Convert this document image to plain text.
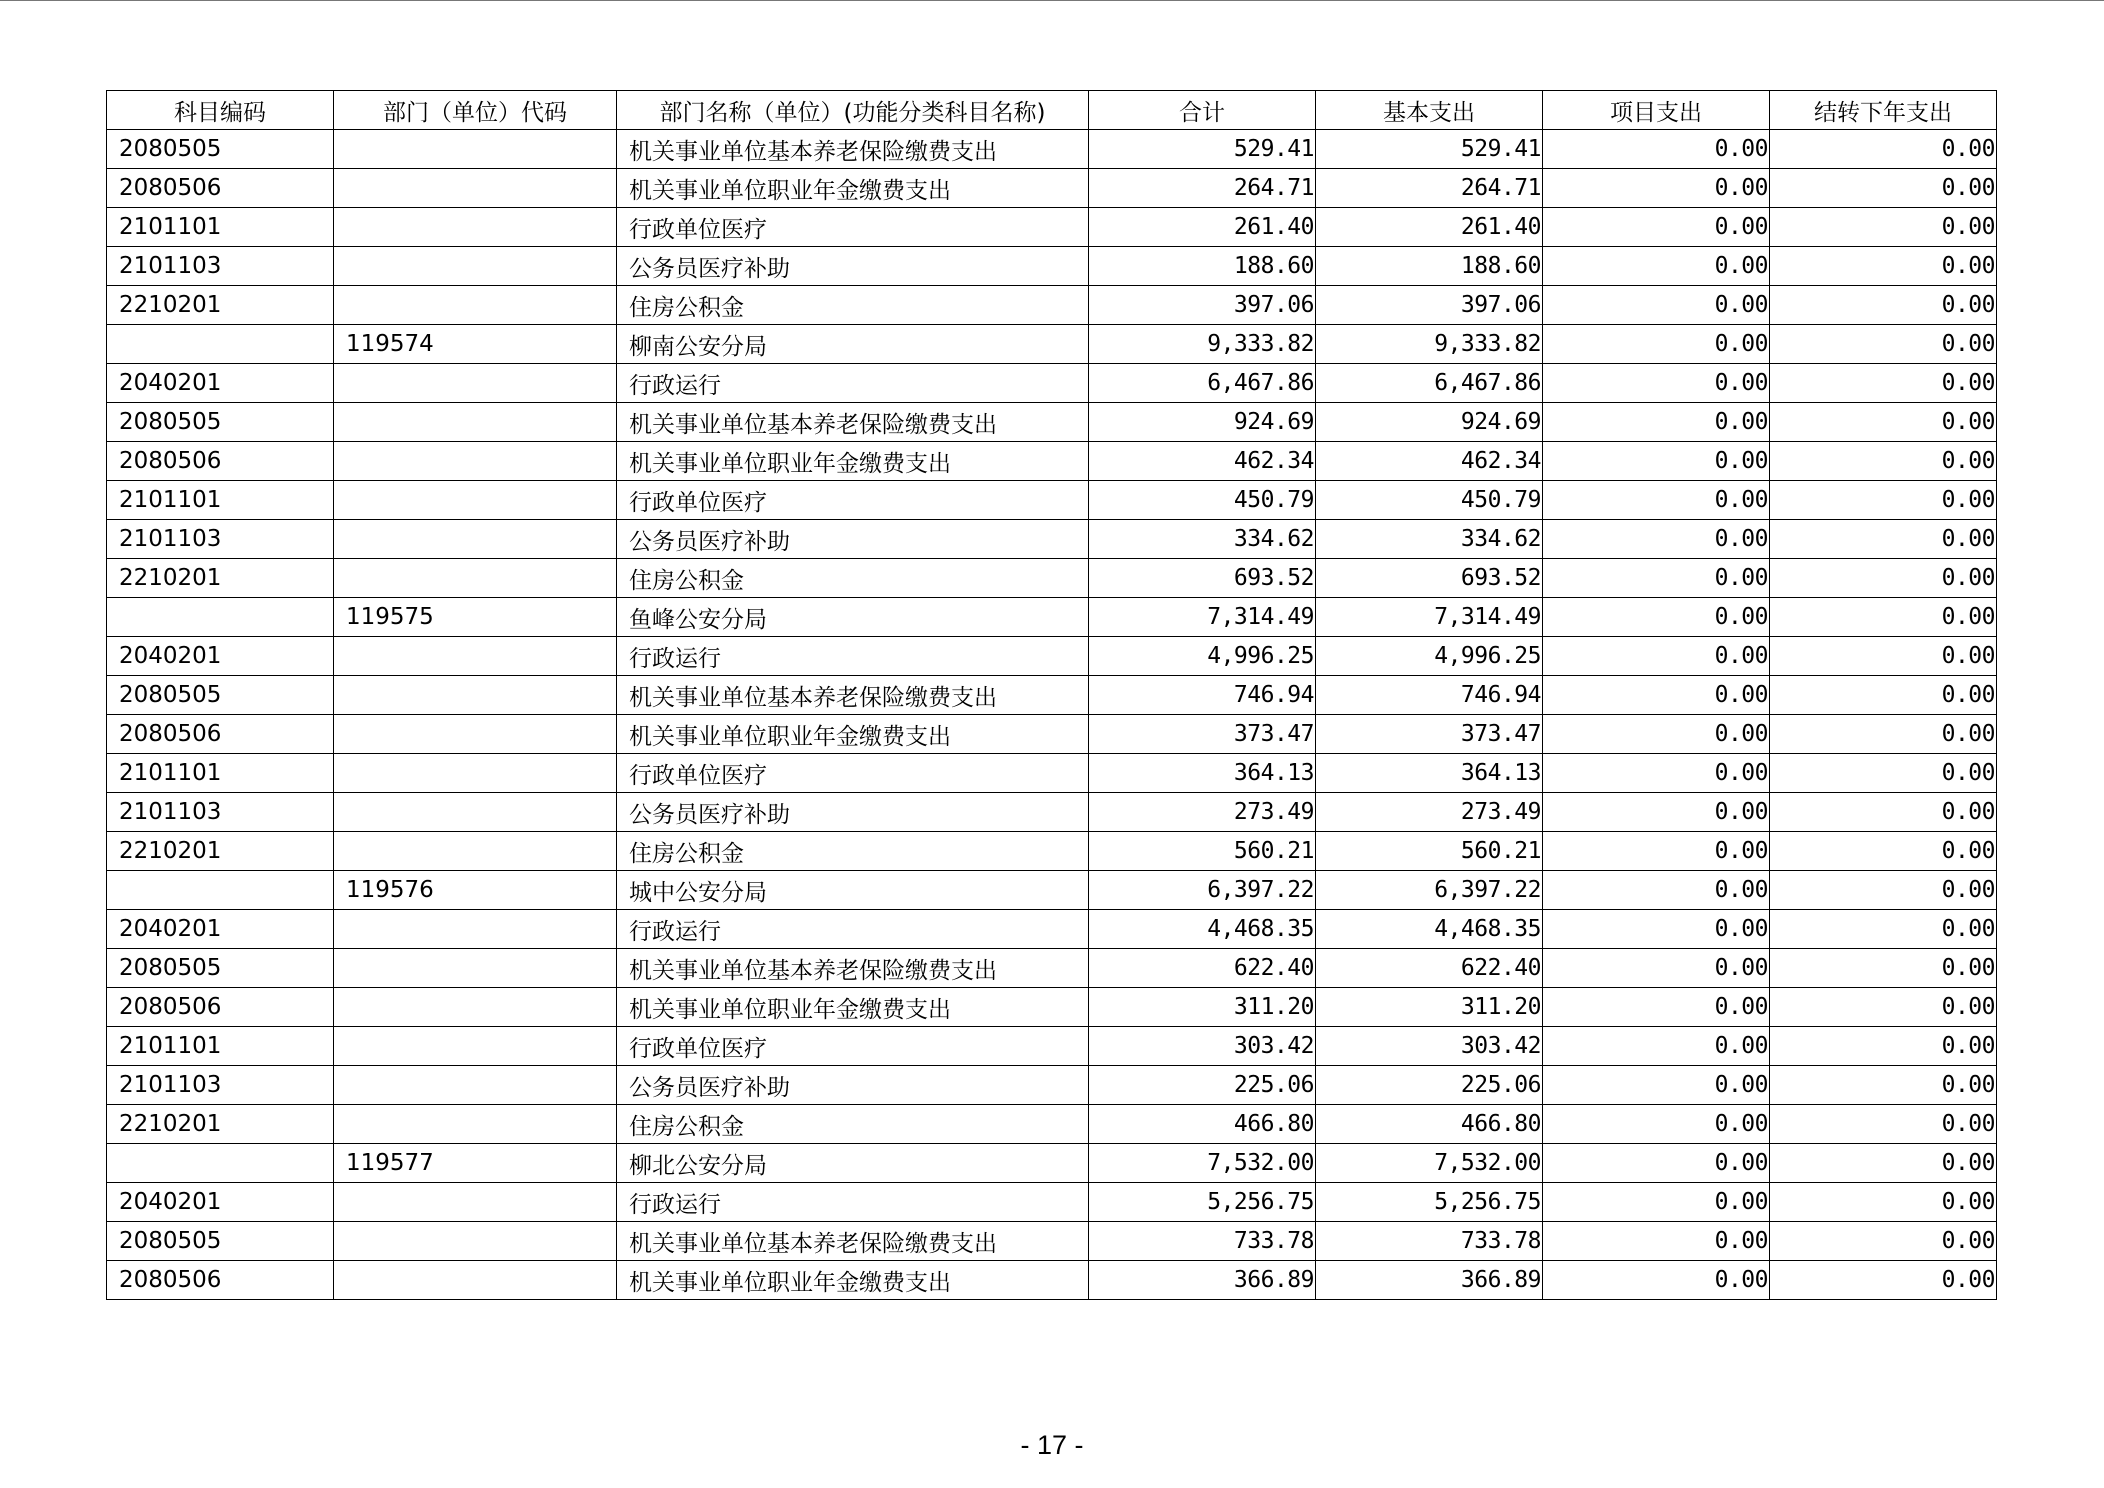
科目编码	部门（单位）代码	部门名称（单位）(功能分类科目名称)	合计	基本支出	项目支出	结转下年支出
2080505		机关事业单位基本养老保险缴费支出	529.41	529.41	0.00	0.00
2080506		机关事业单位职业年金缴费支出	264.71	264.71	0.00	0.00
2101101		行政单位医疗	261.40	261.40	0.00	0.00
2101103		公务员医疗补助	188.60	188.60	0.00	0.00
2210201		住房公积金	397.06	397.06	0.00	0.00
	119574	柳南公安分局	9,333.82	9,333.82	0.00	0.00
2040201		行政运行	6,467.86	6,467.86	0.00	0.00
2080505		机关事业单位基本养老保险缴费支出	924.69	924.69	0.00	0.00
2080506		机关事业单位职业年金缴费支出	462.34	462.34	0.00	0.00
2101101		行政单位医疗	450.79	450.79	0.00	0.00
2101103		公务员医疗补助	334.62	334.62	0.00	0.00
2210201		住房公积金	693.52	693.52	0.00	0.00
	119575	鱼峰公安分局	7,314.49	7,314.49	0.00	0.00
2040201		行政运行	4,996.25	4,996.25	0.00	0.00
2080505		机关事业单位基本养老保险缴费支出	746.94	746.94	0.00	0.00
2080506		机关事业单位职业年金缴费支出	373.47	373.47	0.00	0.00
2101101		行政单位医疗	364.13	364.13	0.00	0.00
2101103		公务员医疗补助	273.49	273.49	0.00	0.00
2210201		住房公积金	560.21	560.21	0.00	0.00
	119576	城中公安分局	6,397.22	6,397.22	0.00	0.00
2040201		行政运行	4,468.35	4,468.35	0.00	0.00
2080505		机关事业单位基本养老保险缴费支出	622.40	622.40	0.00	0.00
2080506		机关事业单位职业年金缴费支出	311.20	311.20	0.00	0.00
2101101		行政单位医疗	303.42	303.42	0.00	0.00
2101103		公务员医疗补助	225.06	225.06	0.00	0.00
2210201		住房公积金	466.80	466.80	0.00	0.00
	119577	柳北公安分局	7,532.00	7,532.00	0.00	0.00
2040201		行政运行	5,256.75	5,256.75	0.00	0.00
2080505		机关事业单位基本养老保险缴费支出	733.78	733.78	0.00	0.00
2080506		机关事业单位职业年金缴费支出	366.89	366.89	0.00	0.00
- 17 -
